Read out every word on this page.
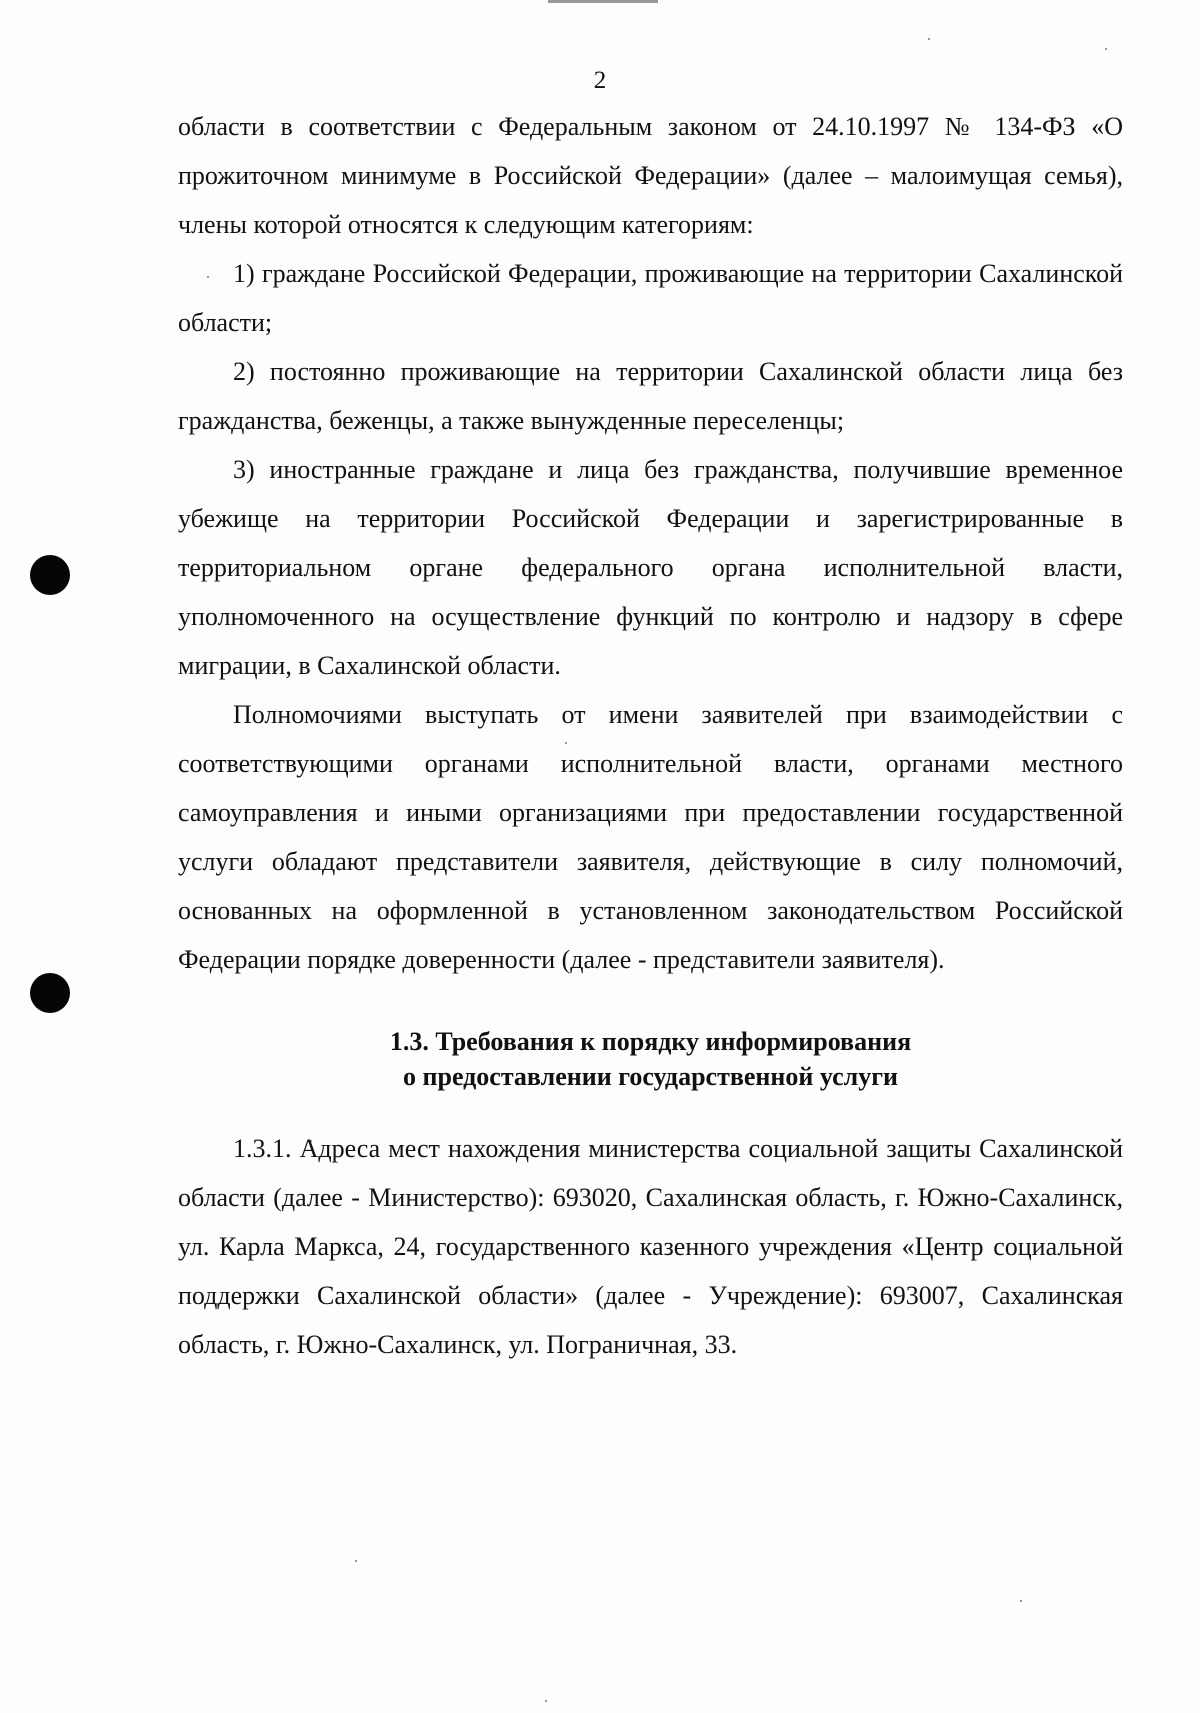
2

области в соответствии с Федеральным законом от 24.10.1997 № 134-ФЗ «О прожиточном минимуме в Российской Федерации» (далее – малоимущая семья), члены которой относятся к следующим категориям:

1) граждане Российской Федерации, проживающие на территории Сахалинской области;

2) постоянно проживающие на территории Сахалинской области лица без гражданства, беженцы, а также вынужденные переселенцы;

3) иностранные граждане и лица без гражданства, получившие временное убежище на территории Российской Федерации и зарегистрированные в территориальном органе федерального органа исполнительной власти, уполномоченного на осуществление функций по контролю и надзору в сфере миграции, в Сахалинской области.

Полномочиями выступать от имени заявителей при взаимодействии с соответствующими органами исполнительной власти, органами местного самоуправления и иными организациями при предоставлении государственной услуги обладают представители заявителя, действующие в силу полномочий, основанных на оформленной в установленном законодательством Российской Федерации порядке доверенности (далее - представители заявителя).

1.3. Требования к порядку информирования
о предоставлении государственной услуги

1.3.1. Адреса мест нахождения министерства социальной защиты Сахалинской области (далее - Министерство): 693020, Сахалинская область, г. Южно-Сахалинск, ул. Карла Маркса, 24, государственного казенного учреждения «Центр социальной поддержки Сахалинской области» (далее - Учреждение): 693007, Сахалинская область, г. Южно-Сахалинск, ул. Пограничная, 33.
